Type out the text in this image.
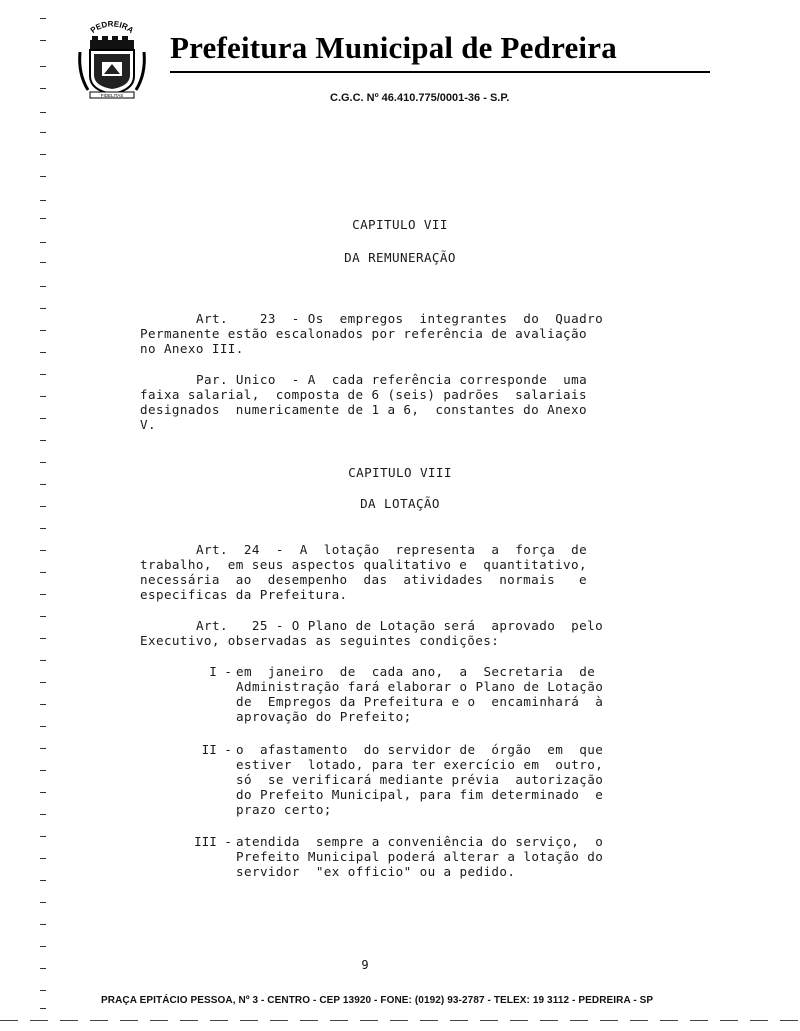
PEDREIRA
FIDELITAS
Prefeitura Municipal de Pedreira
C.G.C. Nº 46.410.775/0001-36 - S.P.
CAPITULO VII
DA REMUNERAÇÃO
Art.    23  - Os  empregos  integrantes  do  Quadro
Permanente estão escalonados por referência de avaliação
no Anexo III.
Par. Unico  - A  cada referência corresponde  uma
faixa salarial,  composta de 6 (seis) padrões  salariais
designados  numericamente de 1 a 6,  constantes do Anexo
V.
CAPITULO VIII
DA LOTAÇÃO
Art.  24  -  A  lotação  representa  a  força  de
trabalho,  em seus aspectos qualitativo e  quantitativo,
necessária  ao  desempenho  das  atividades  normais   e
especificas da Prefeitura.
Art.   25 - O Plano de Lotação será  aprovado  pelo
Executivo, observadas as seguintes condições:
I - em  janeiro  de  cada ano,  a  Secretaria  de
Administração fará elaborar o Plano de Lotação
de  Empregos da Prefeitura e o  encaminhará  à
aprovação do Prefeito;
II - o  afastamento  do servidor de  órgão  em  que
estiver  lotado, para ter exercício em  outro,
só  se verificará mediante prévia  autorização
do Prefeito Municipal, para fim determinado  e
prazo certo;
III - atendida  sempre a conveniência do serviço,  o
Prefeito Municipal poderá alterar a lotação do
servidor  "ex officio" ou a pedido.
9
PRAÇA EPITÁCIO PESSOA, Nº 3 - CENTRO - CEP 13920 - FONE: (0192) 93-2787 - TELEX: 19 3112 - PEDREIRA - SP
